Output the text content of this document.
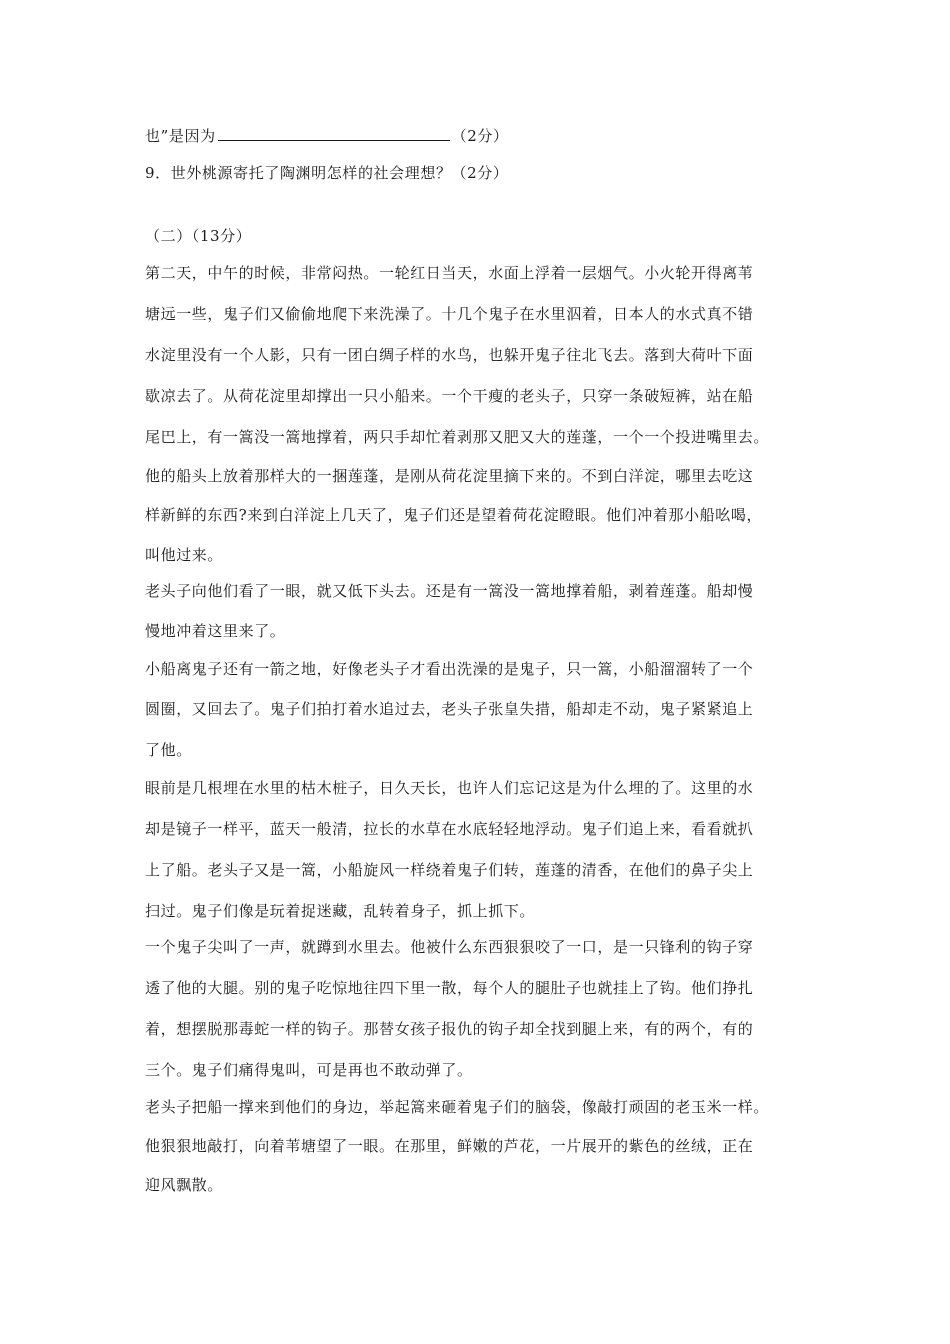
也”是因为	（2分）
9．世外桃源寄托了陶渊明怎样的社会理想？（2分）
（二）（13分）
第二天，中午的时候，非常闷热。一轮红日当天，水面上浮着一层烟气。小火轮开得离苇
塘远一些，鬼子们又偷偷地爬下来洗澡了。十几个鬼子在水里泅着，日本人的水式真不错
水淀里没有一个人影，只有一团白绸子样的水鸟，也躲开鬼子往北飞去。落到大荷叶下面
歇凉去了。从荷花淀里却撑出一只小船来。一个干瘦的老头子，只穿一条破短裤，站在船
尾巴上，有一篙没一篙地撑着，两只手却忙着剥那又肥又大的莲蓬，一个一个投进嘴里去。
他的船头上放着那样大的一捆莲蓬，是刚从荷花淀里摘下来的。不到白洋淀，哪里去吃这
样新鲜的东西?来到白洋淀上几天了，鬼子们还是望着荷花淀瞪眼。他们冲着那小船吆喝，
叫他过来。
老头子向他们看了一眼，就又低下头去。还是有一篙没一篙地撑着船，剥着莲蓬。船却慢
慢地冲着这里来了。
小船离鬼子还有一箭之地，好像老头子才看出洗澡的是鬼子，只一篙，小船溜溜转了一个
圆圈，又回去了。鬼子们拍打着水追过去，老头子张皇失措，船却走不动，鬼子紧紧追上
了他。
眼前是几根埋在水里的枯木桩子，日久天长，也许人们忘记这是为什么埋的了。这里的水
却是镜子一样平，蓝天一般清，拉长的水草在水底轻轻地浮动。鬼子们追上来，看看就扒
上了船。老头子又是一篙，小船旋风一样绕着鬼子们转，莲蓬的清香，在他们的鼻子尖上
扫过。鬼子们像是玩着捉迷藏，乱转着身子，抓上抓下。
一个鬼子尖叫了一声，就蹲到水里去。他被什么东西狠狠咬了一口，是一只锋利的钩子穿
透了他的大腿。别的鬼子吃惊地往四下里一散，每个人的腿肚子也就挂上了钩。他们挣扎
着，想摆脱那毒蛇一样的钩子。那替女孩子报仇的钩子却全找到腿上来，有的两个，有的
三个。鬼子们痛得鬼叫，可是再也不敢动弹了。
老头子把船一撑来到他们的身边，举起篙来砸着鬼子们的脑袋，像敲打顽固的老玉米一样。
他狠狠地敲打，向着苇塘望了一眼。在那里，鲜嫩的芦花，一片展开的紫色的丝绒，正在
迎风飘散。
